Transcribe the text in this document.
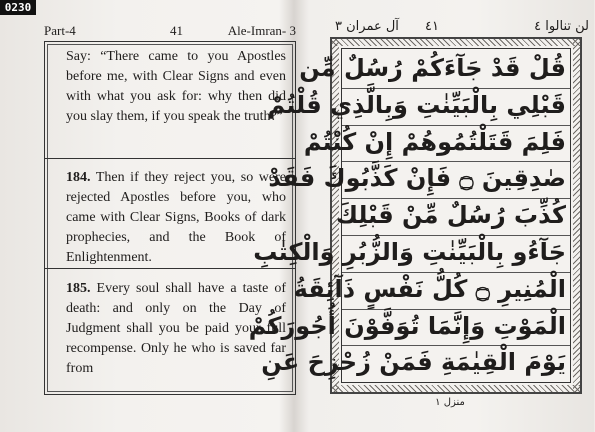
0230
Part-4	41	Ale-Imran- 3

Say: “There came to you Apostles before me, with Clear Signs and even with what you ask for: why then did you slay them, if you speak the truth?”

184. Then if they reject you, so were rejected Apostles before you, who came with Clear Signs, Books of dark prophecies, and the Book of Enlightenment.

185. Every soul shall have a taste of death: and only on the Day of Judgment shall you be paid your full recompense. Only he who is saved far from

لن تنالوا ٤
٤١
آل عمران ٣
قُلْ قَدْ جَآءَكُمْ رُسُلٌ مِّن
قَبْلِي بِالْبَيِّنٰتِ وَبِالَّذِي قُلْتُمْ
فَلِمَ قَتَلْتُمُوهُمْ إِنْ كُنْتُمْ
صٰدِقِينَ ۝ فَإِنْ كَذَّبُوكَ فَقَدْ
كُذِّبَ رُسُلٌ مِّنْ قَبْلِكَ
جَآءُو بِالْبَيِّنٰتِ وَالزُّبُرِ وَالْكِتٰبِ
الْمُنِيرِ ۝ كُلُّ نَفْسٍ ذَآئِقَةُ
الْمَوْتِ وَإِنَّمَا تُوَفَّوْنَ أُجُورَكُمْ
يَوْمَ الْقِيٰمَةِ فَمَنْ زُحْزِحَ عَنِ
منزل ١
